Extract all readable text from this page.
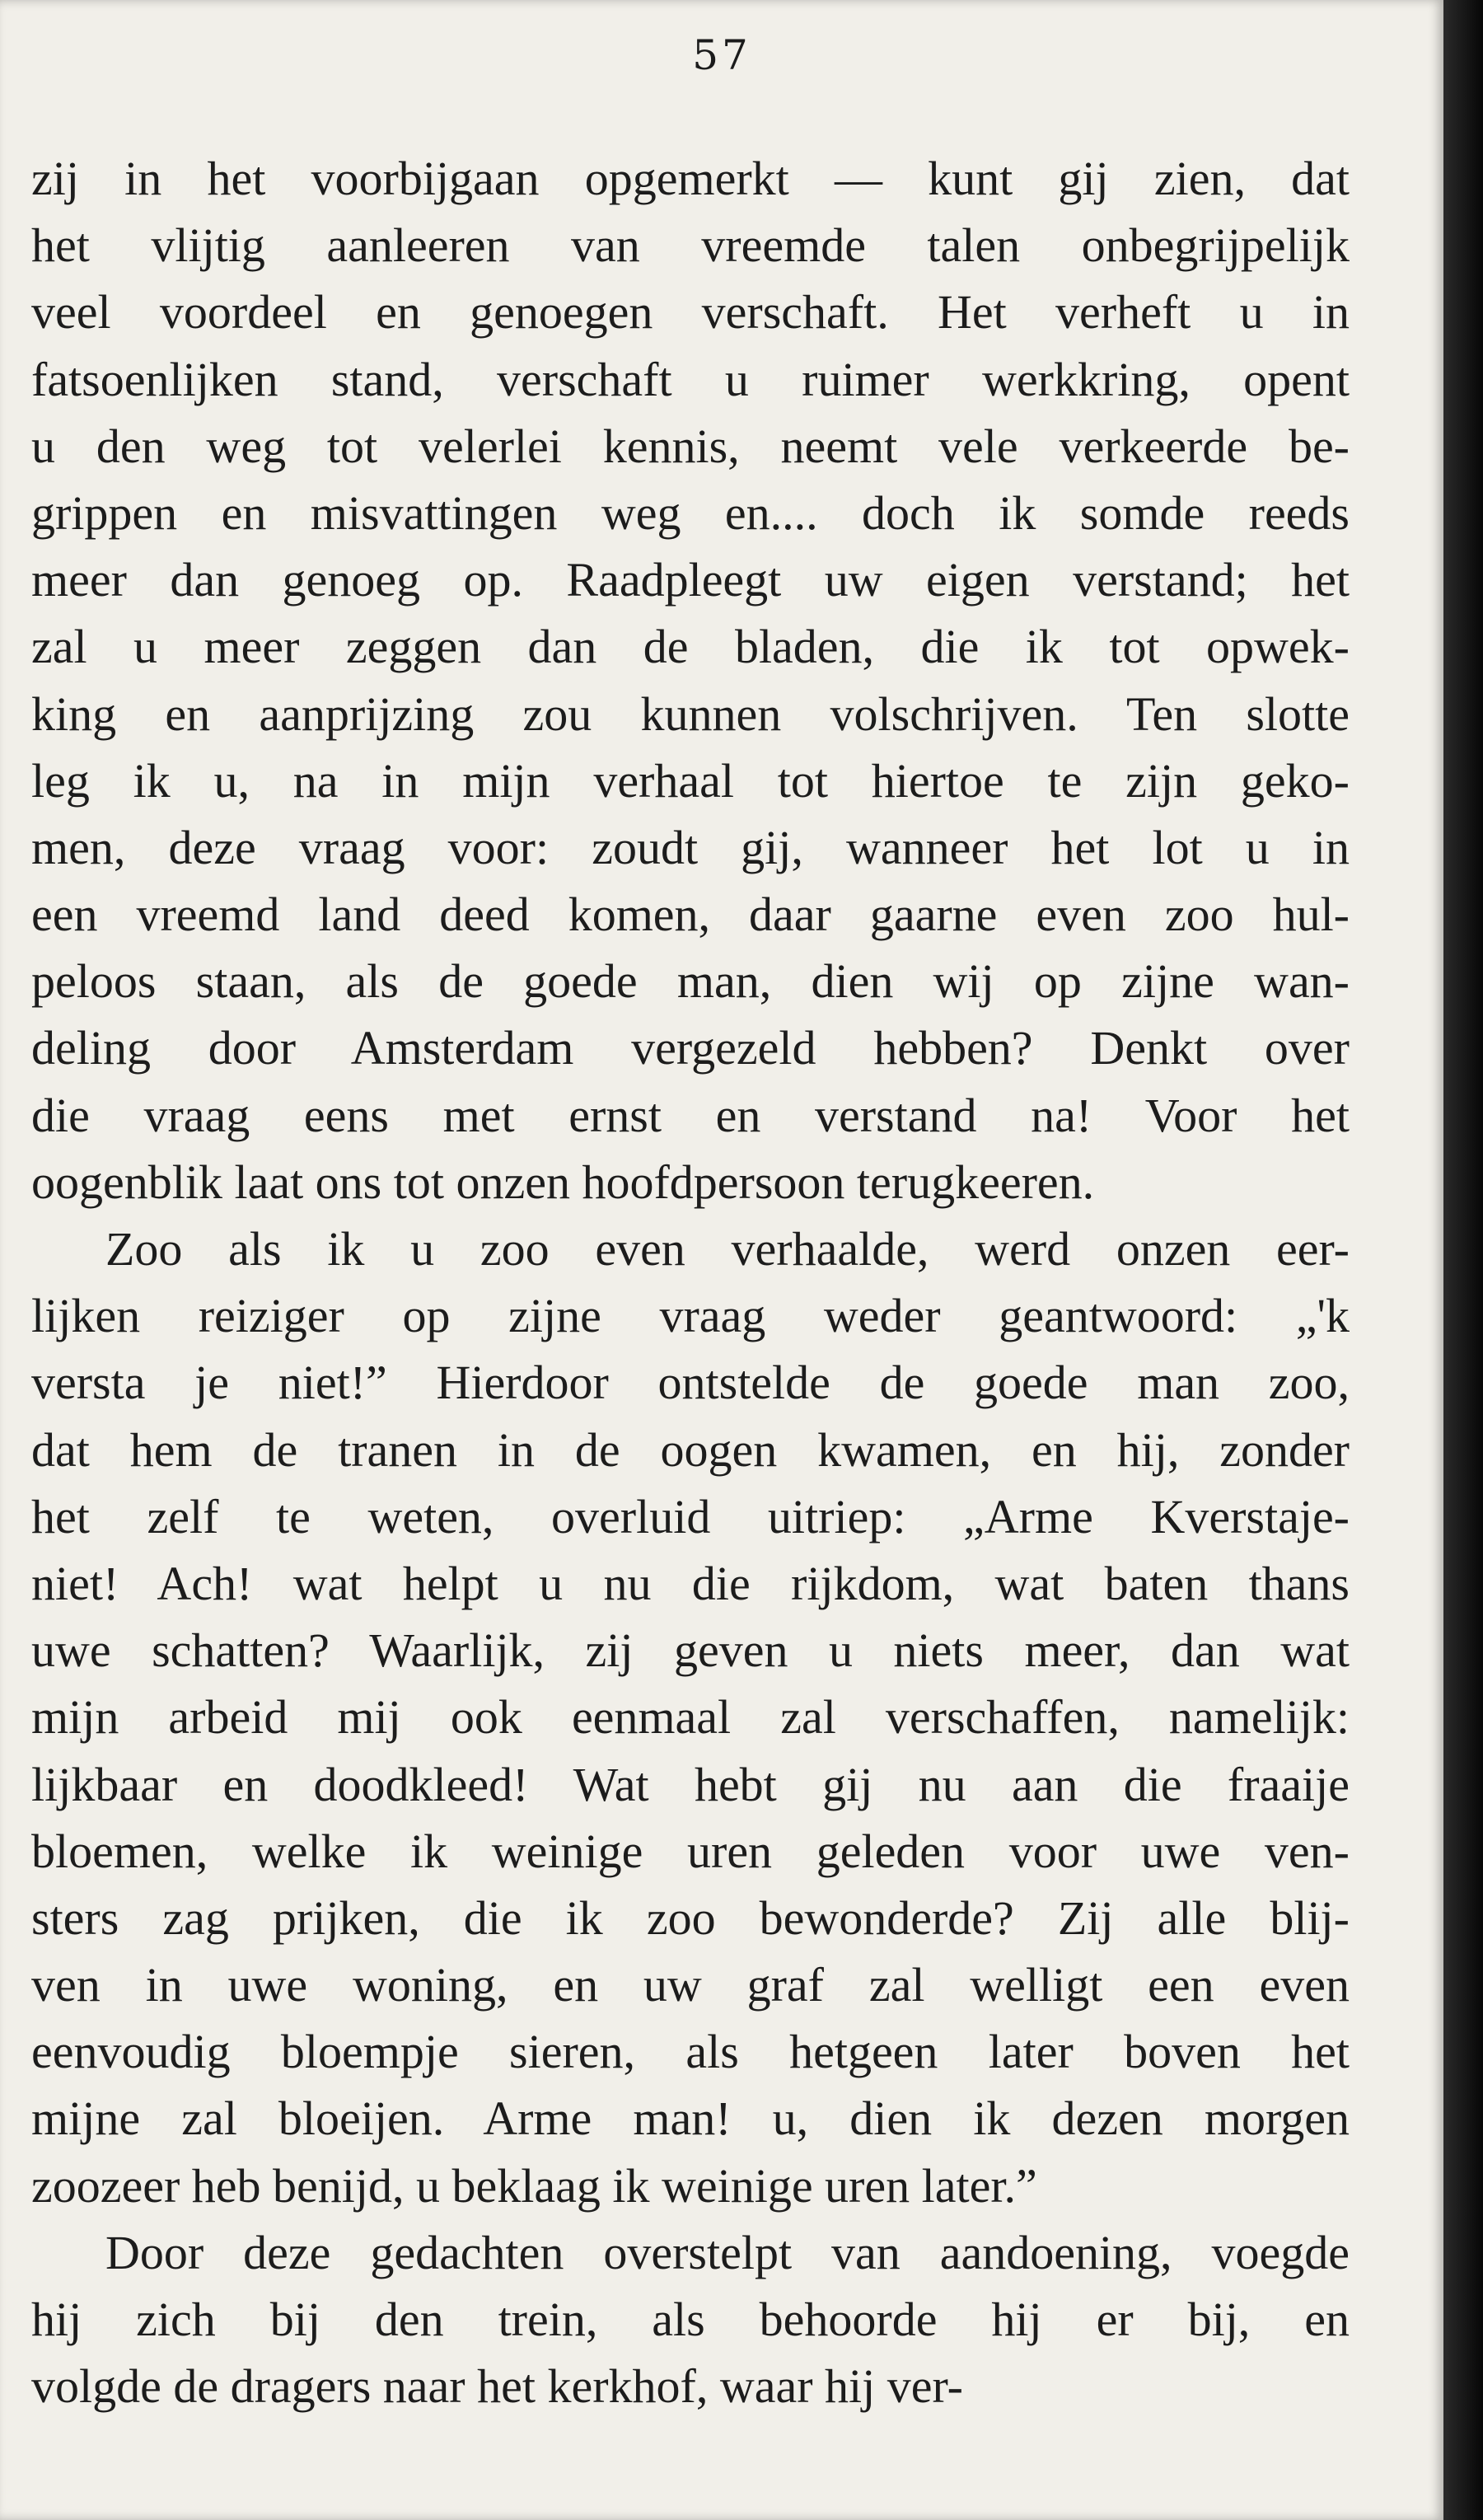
57
zij in het voorbijgaan opgemerkt — kunt gij zien, dat
het vlijtig aanleeren van vreemde talen onbegrijpelijk
veel voordeel en genoegen verschaft. Het verheft u in
fatsoenlijken stand, verschaft u ruimer werkkring, opent
u den weg tot velerlei kennis, neemt vele verkeerde be-
grippen en misvattingen weg en.... doch ik somde reeds
meer dan genoeg op. Raadpleegt uw eigen verstand; het
zal u meer zeggen dan de bladen, die ik tot opwek-
king en aanprijzing zou kunnen volschrijven. Ten slotte
leg ik u, na in mijn verhaal tot hiertoe te zijn geko-
men, deze vraag voor: zoudt gij, wanneer het lot u in
een vreemd land deed komen, daar gaarne even zoo hul-
peloos staan, als de goede man, dien wij op zijne wan-
deling door Amsterdam vergezeld hebben? Denkt over
die vraag eens met ernst en verstand na! Voor het
oogenblik laat ons tot onzen hoofdpersoon terugkeeren.
Zoo als ik u zoo even verhaalde, werd onzen eer-
lijken reiziger op zijne vraag weder geantwoord: „'k
versta je niet!” Hierdoor ontstelde de goede man zoo,
dat hem de tranen in de oogen kwamen, en hij, zonder
het zelf te weten, overluid uitriep: „Arme Kverstaje-
niet! Ach! wat helpt u nu die rijkdom, wat baten thans
uwe schatten? Waarlijk, zij geven u niets meer, dan wat
mijn arbeid mij ook eenmaal zal verschaffen, namelijk:
lijkbaar en doodkleed! Wat hebt gij nu aan die fraaije
bloemen, welke ik weinige uren geleden voor uwe ven-
sters zag prijken, die ik zoo bewonderde? Zij alle blij-
ven in uwe woning, en uw graf zal welligt een even
eenvoudig bloempje sieren, als hetgeen later boven het
mijne zal bloeijen. Arme man! u, dien ik dezen morgen
zoozeer heb benijd, u beklaag ik weinige uren later.”
Door deze gedachten overstelpt van aandoening, voegde
hij zich bij den trein, als behoorde hij er bij, en
volgde de dragers naar het kerkhof, waar hij ver-
